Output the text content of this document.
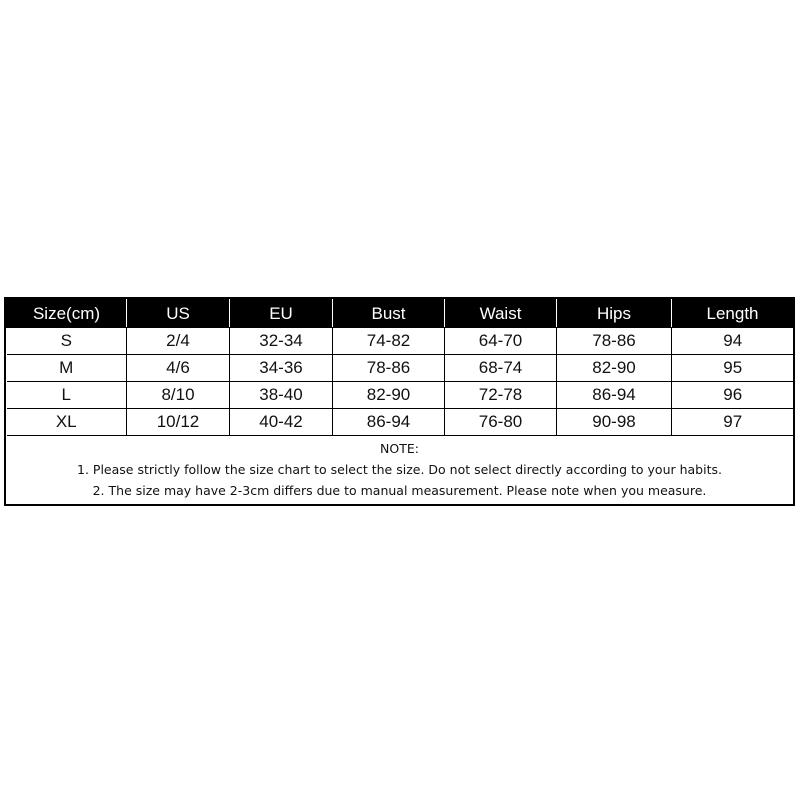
Size(cm)	US	EU	Bust	Waist	Hips	Length
S	2/4	32-34	74-82	64-70	78-86	94
M	4/6	34-36	78-86	68-74	82-90	95
L	8/10	38-40	82-90	72-78	86-94	96
XL	10/12	40-42	86-94	76-80	90-98	97
NOTE:
1. Please strictly follow the size chart to select the size. Do not select directly according to your habits.
2. The size may have 2-3cm differs due to manual measurement. Please note when you measure.
